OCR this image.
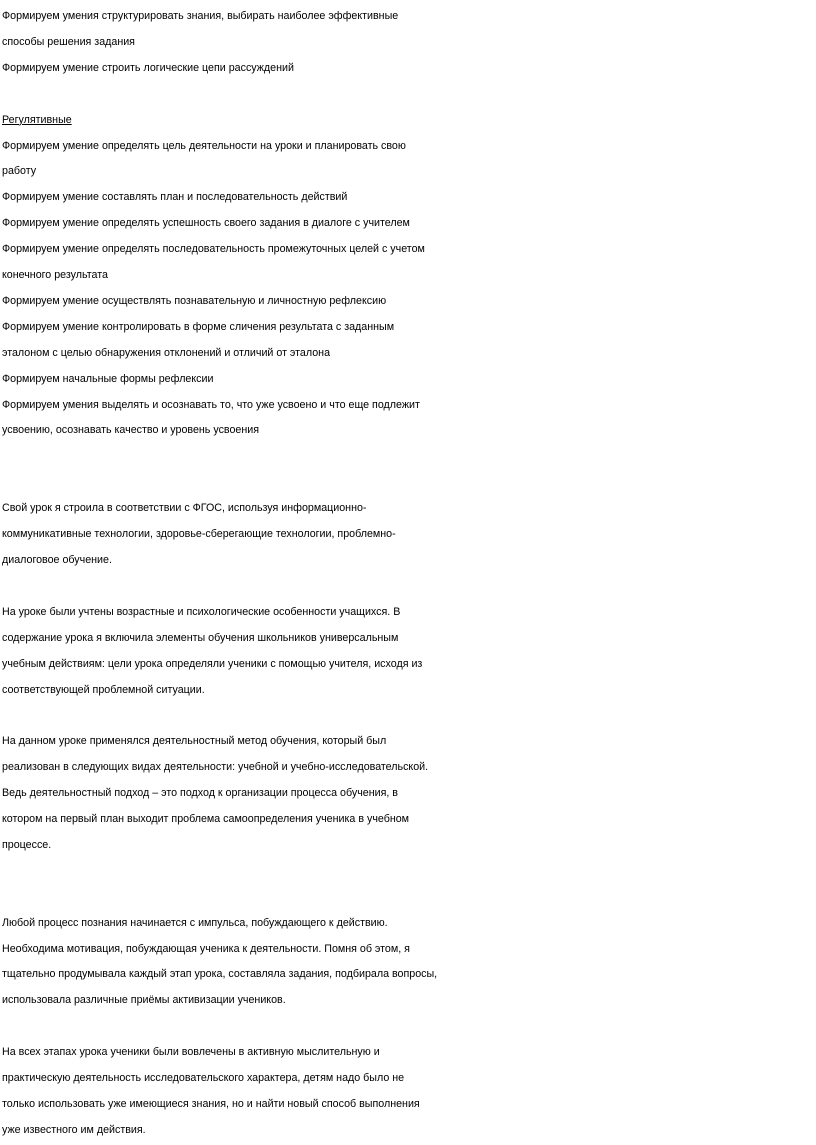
Формируем умения структурировать знания, выбирать наиболее эффективные
способы решения задания
Формируем умение строить логические цепи рассуждений
Регулятивные
Формируем умение определять цель деятельности на уроки и планировать свою
работу
Формируем умение составлять план и последовательность действий
Формируем умение определять успешность своего задания в диалоге с учителем
Формируем умение определять последовательность промежуточных целей с учетом
конечного результата
Формируем умение осуществлять познавательную и личностную рефлексию
Формируем умение контролировать в форме сличения результата с заданным
эталоном с целью обнаружения отклонений и отличий от эталона
Формируем начальные формы рефлексии
Формируем умения выделять и осознавать то, что уже усвоено и что еще подлежит
усвоению, осознавать качество и уровень усвоения
Свой урок я строила в соответствии с ФГОС, используя информационно-
коммуникативные технологии, здоровье-сберегающие технологии, проблемно-
диалоговое обучение.
На уроке были учтены возрастные и психологические особенности учащихся. В
содержание урока я включила элементы обучения школьников универсальным
учебным действиям: цели урока определяли ученики с помощью учителя, исходя из
соответствующей проблемной ситуации.
На данном уроке применялся деятельностный метод обучения, который был
реализован в следующих видах деятельности: учебной и учебно-исследовательской.
Ведь деятельностный подход – это подход к организации процесса обучения, в
котором на первый план выходит проблема самоопределения ученика в учебном
процессе.
Любой процесс познания начинается с импульса, побуждающего к действию.
Необходима мотивация, побуждающая ученика к деятельности. Помня об этом, я
тщательно продумывала каждый этап урока, составляла задания, подбирала вопросы,
использовала различные приёмы активизации учеников.
На всех этапах урока ученики были вовлечены в активную мыслительную и
практическую деятельность исследовательского характера, детям надо было не
только использовать уже имеющиеся знания, но и найти новый способ выполнения
уже известного им действия.
